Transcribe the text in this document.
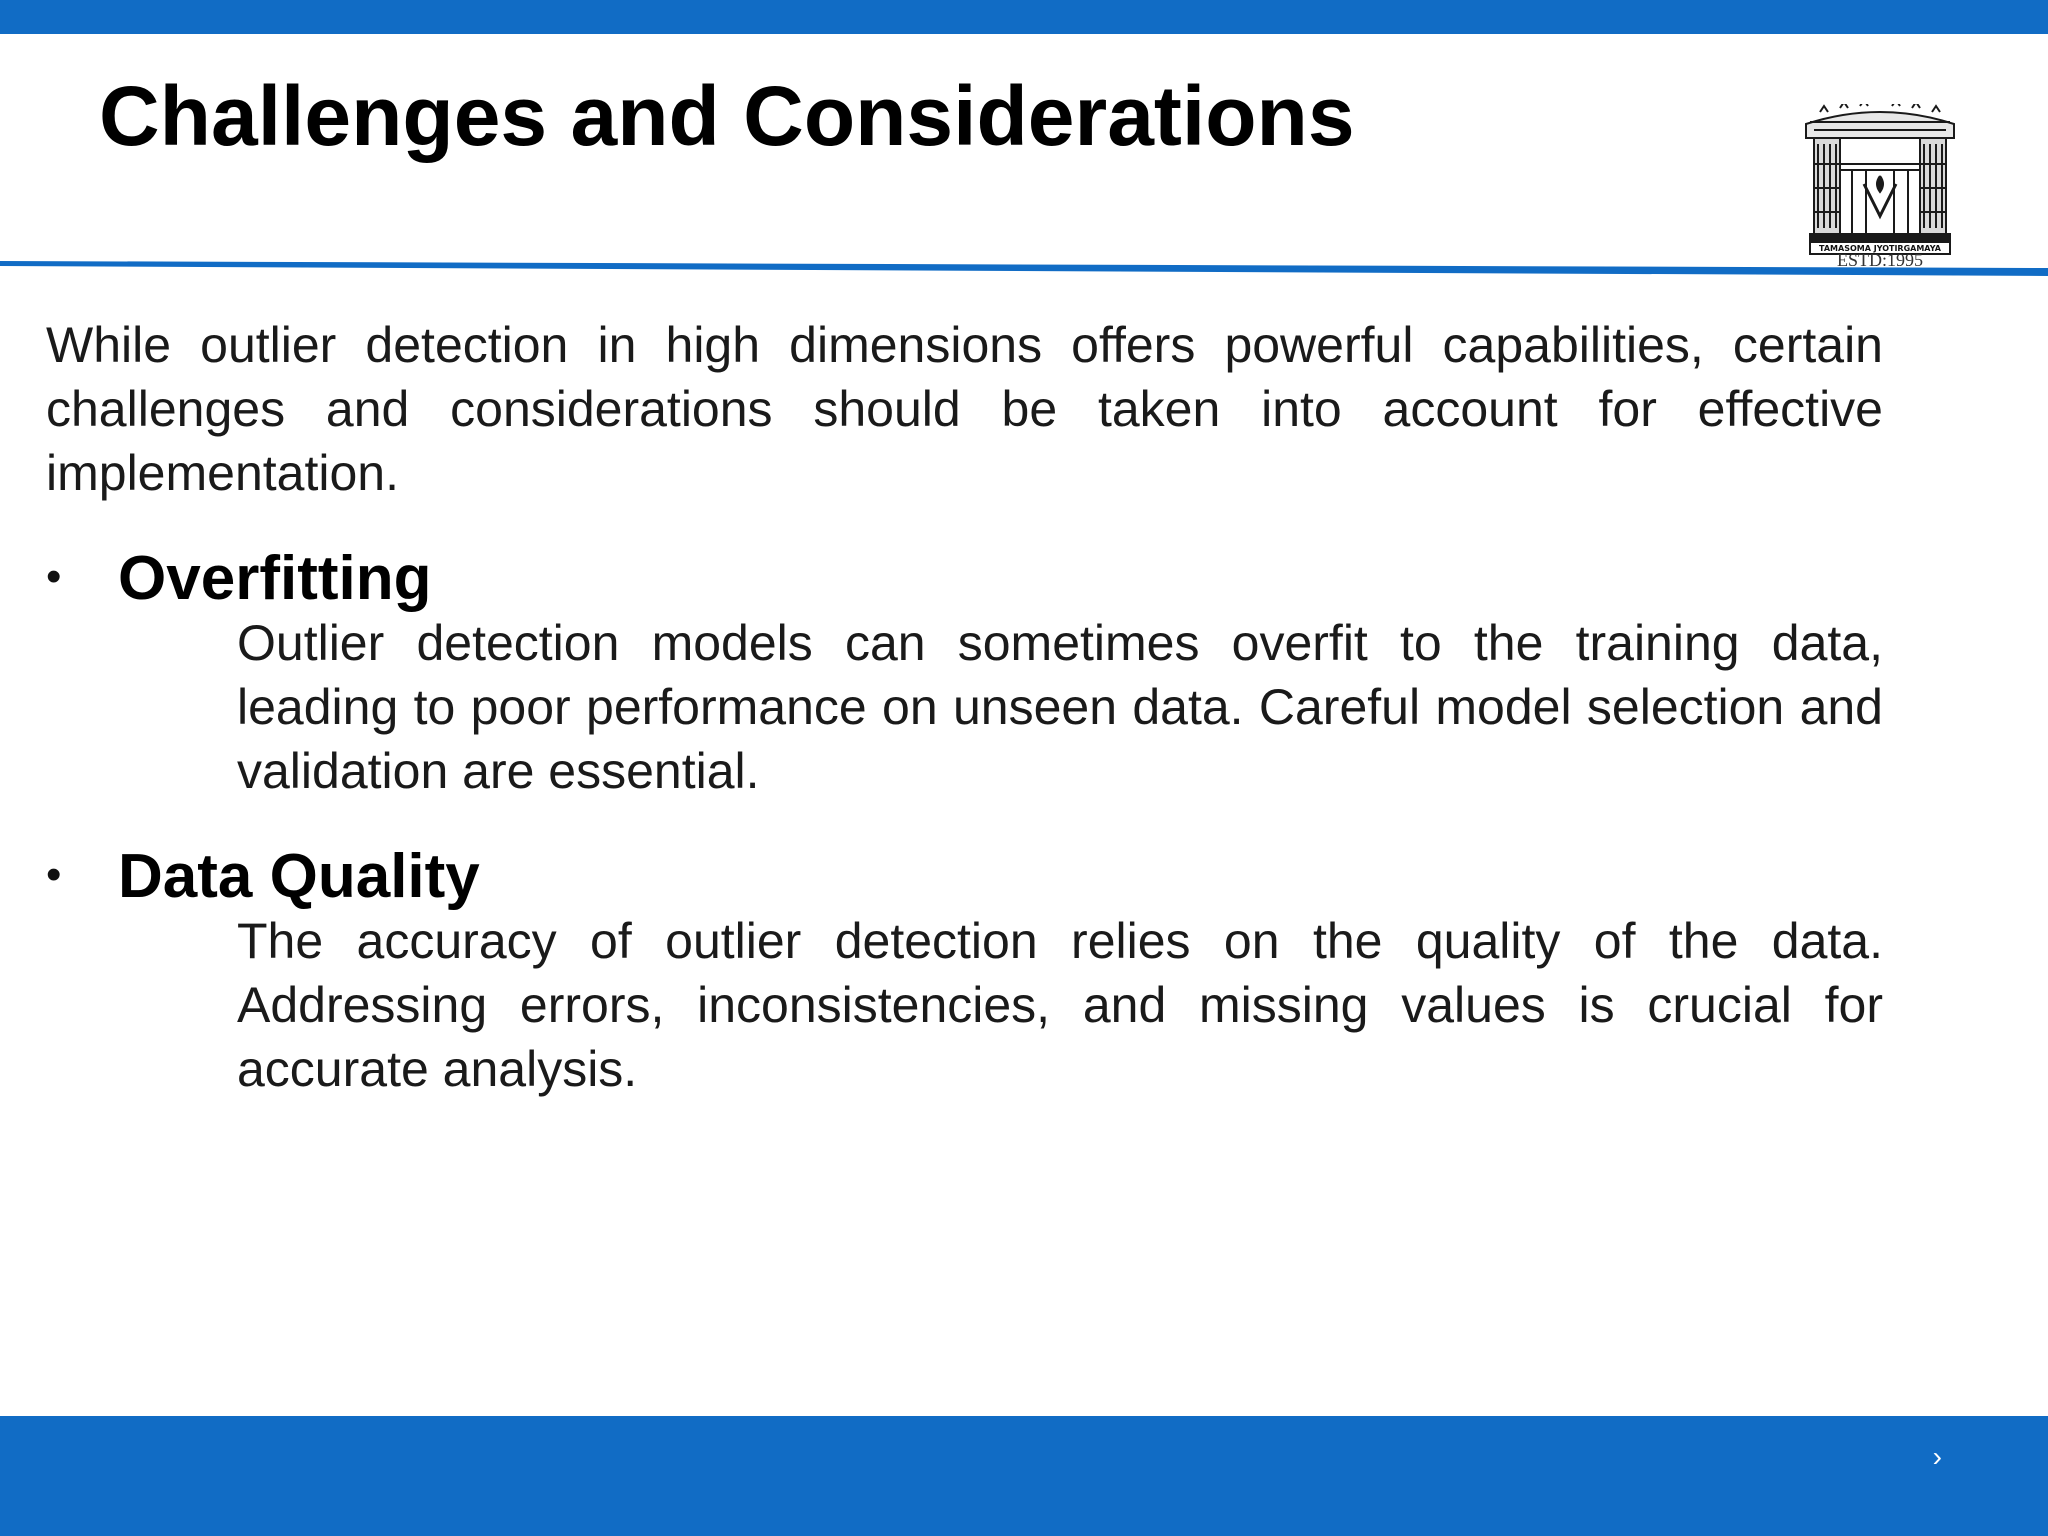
Challenges and Considerations
TAMASOMA JYOTIRGAMAYA
ESTD:1995

While outlier detection in high dimensions offers powerful capabilities, certain challenges and considerations should be taken into account for effective implementation.

• Overfitting

Outlier detection models can sometimes overfit to the training data, leading to poor performance on unseen data. Careful model selection and validation are essential.

• Data Quality

The accuracy of outlier detection relies on the quality of the data. Addressing errors, inconsistencies, and missing values is crucial for accurate analysis.

›
